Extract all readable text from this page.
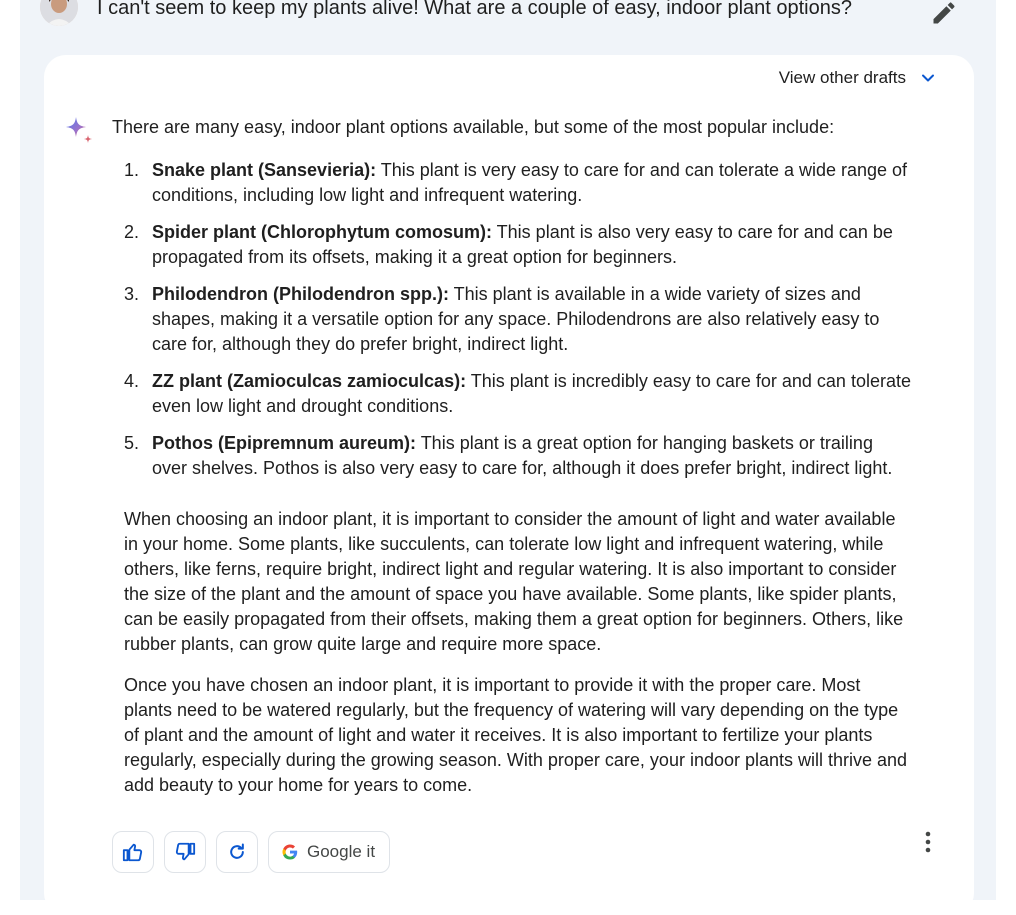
I can't seem to keep my plants alive! What are a couple of easy, indoor plant options?
View other drafts

There are many easy, indoor plant options available, but some of the most popular include:

1. Snake plant (Sansevieria): This plant is very easy to care for and can tolerate a wide range of conditions, including low light and infrequent watering.
2. Spider plant (Chlorophytum comosum): This plant is also very easy to care for and can be propagated from its offsets, making it a great option for beginners.
3. Philodendron (Philodendron spp.): This plant is available in a wide variety of sizes and shapes, making it a versatile option for any space. Philodendrons are also relatively easy to care for, although they do prefer bright, indirect light.
4. ZZ plant (Zamioculcas zamioculcas): This plant is incredibly easy to care for and can tolerate even low light and drought conditions.
5. Pothos (Epipremnum aureum): This plant is a great option for hanging baskets or trailing over shelves. Pothos is also very easy to care for, although it does prefer bright, indirect light.

When choosing an indoor plant, it is important to consider the amount of light and water available in your home. Some plants, like succulents, can tolerate low light and infrequent watering, while others, like ferns, require bright, indirect light and regular watering. It is also important to consider the size of the plant and the amount of space you have available. Some plants, like spider plants, can be easily propagated from their offsets, making them a great option for beginners. Others, like rubber plants, can grow quite large and require more space.

Once you have chosen an indoor plant, it is important to provide it with the proper care. Most plants need to be watered regularly, but the frequency of watering will vary depending on the type of plant and the amount of light and water it receives. It is also important to fertilize your plants regularly, especially during the growing season. With proper care, your indoor plants will thrive and add beauty to your home for years to come.

Google it
